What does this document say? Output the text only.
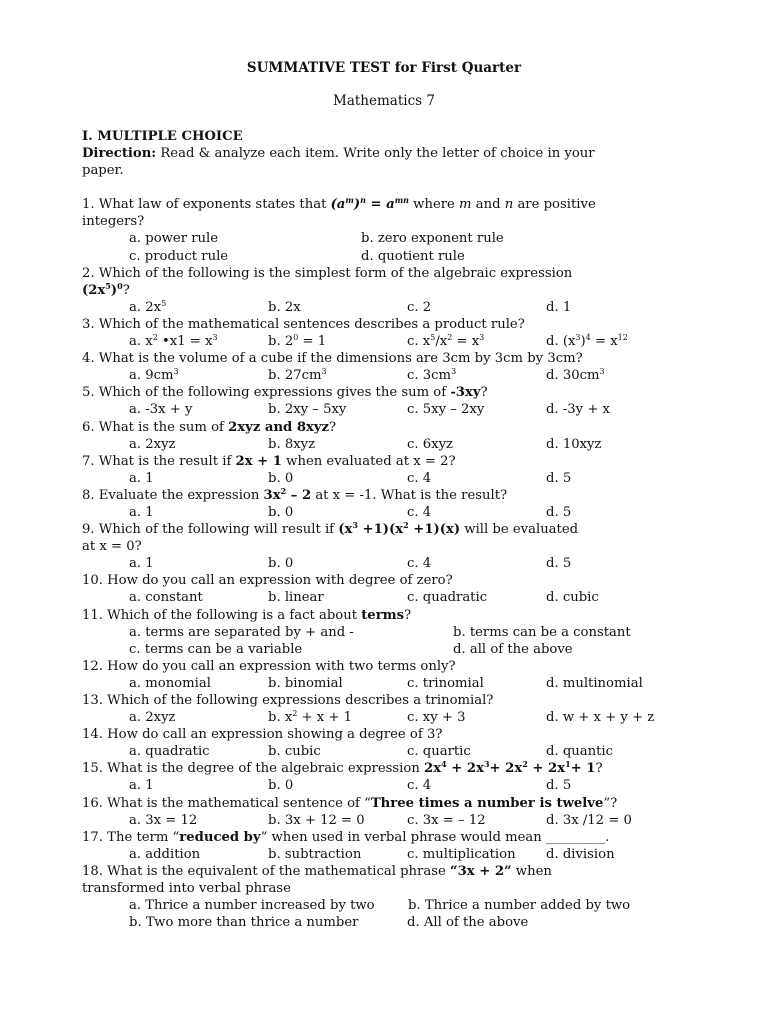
SUMMATIVE TEST for First Quarter
Mathematics 7
I. MULTIPLE CHOICE
Direction: Read & analyze each item. Write only the letter of choice in your
paper.
1. What law of exponents states that $(a^m)^n = a^{mn}$ where m and n are positive
integers?
a. power rule	b. zero exponent rule
c. product rule	d. quotient rule
2. Which of the following is the simplest form of the algebraic expression
$(2x^5)^0$?
a. $2x^5$	b. 2x	c. 2	d. 1
3. Which of the mathematical sentences describes a product rule?
a. $x^2$ •x1 = $x^3$	b. $2^0 = 1$	c. $x^5/x^2 = x^3$	d. $(x^3)^4 = x^{12}$
4. What is the volume of a cube if the dimensions are 3cm by 3cm by 3cm?
a. $9cm^3$	b. $27cm^3$	c. $3cm^3$	d. $30cm^3$
5. Which of the following expressions gives the sum of -3xy?
a. -3x + y	b. 2xy – 5xy	c. 5xy – 2xy	d. -3y + x
6. What is the sum of 2xyz and 8xyz?
a. 2xyz	b. 8xyz	c. 6xyz	d. 10xyz
7. What is the result if 2x + 1 when evaluated at x = 2?
a. 1	b. 0	c. 4	d. 5
8. Evaluate the expression $3x^2 - 2$ at x = -1. What is the result?
a. 1	b. 0	c. 4	d. 5
9. Which of the following will result if $(x^3 +1)(x^2 +1)(x)$ will be evaluated
at x = 0?
a. 1	b. 0	c. 4	d. 5
10. How do you call an expression with degree of zero?
a. constant	b. linear	c. quadratic	d. cubic
11. Which of the following is a fact about terms?
a. terms are separated by + and -	b. terms can be a constant
c. terms can be a variable	d. all of the above
12. How do you call an expression with two terms only?
a. monomial	b. binomial	c. trinomial	d. multinomial
13. Which of the following expressions describes a trinomial?
a. 2xyz	b. $x^2 + x + 1$	c. xy + 3	d. w + x + y + z
14. How do call an expression showing a degree of 3?
a. quadratic	b. cubic	c. quartic	d. quantic
15. What is the degree of the algebraic expression $2x^4 + 2x^3+ 2x^2 + 2x^1+ 1$?
a. 1	b. 0	c. 4	d. 5
16. What is the mathematical sentence of “Three times a number is twelve”?
a. 3x = 12	b. 3x + 12 = 0	c. 3x = – 12	d. 3x /12 = 0
17. The term “reduced by” when used in verbal phrase would mean _________.
a. addition	b. subtraction	c. multiplication d. division
18. What is the equivalent of the mathematical phrase “3x + 2” when
transformed into verbal phrase
a. Thrice a number increased by two	b. Thrice a number added by two
b. Two more than thrice a number	d. All of the above
